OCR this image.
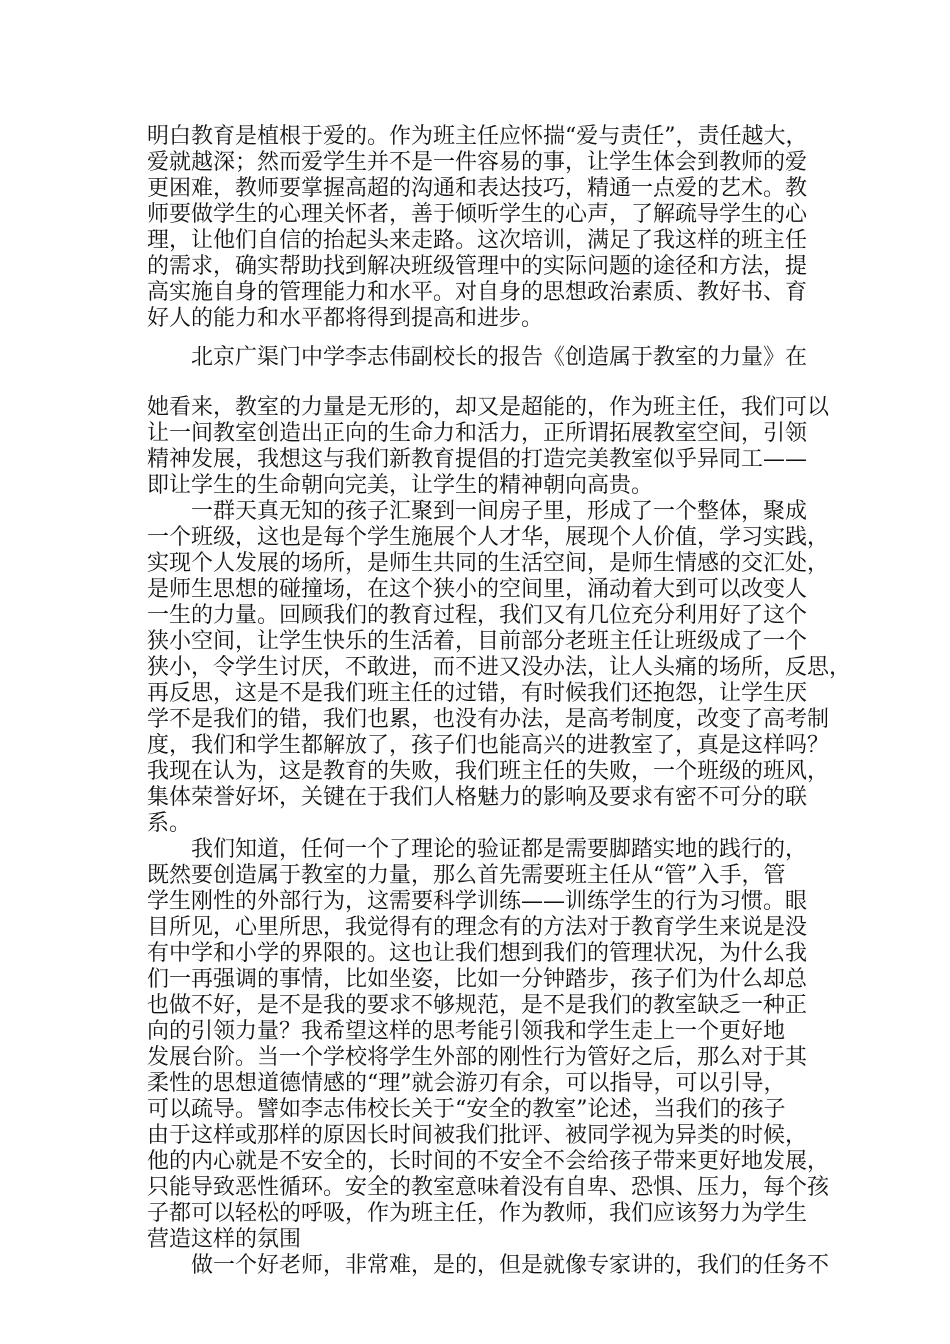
明白教育是植根于爱的。作为班主任应怀揣“爱与责任”，责任越大，
爱就越深；然而爱学生并不是一件容易的事，让学生体会到教师的爱
更困难，教师要掌握高超的沟通和表达技巧，精通一点爱的艺术。教
师要做学生的心理关怀者，善于倾听学生的心声，了解疏导学生的心
理，让他们自信的抬起头来走路。这次培训，满足了我这样的班主任
的需求，确实帮助找到解决班级管理中的实际问题的途径和方法，提
高实施自身的管理能力和水平。对自身的思想政治素质、教好书、育
好人的能力和水平都将得到提高和进步。
北京广渠门中学李志伟副校长的报告《创造属于教室的力量》在
她看来，教室的力量是无形的，却又是超能的，作为班主任，我们可以
让一间教室创造出正向的生命力和活力，正所谓拓展教室空间，引领
精神发展，我想这与我们新教育提倡的打造完美教室似乎异同工——
即让学生的生命朝向完美，让学生的精神朝向高贵。
一群天真无知的孩子汇聚到一间房子里，形成了一个整体，聚成
一个班级，这也是每个学生施展个人才华，展现个人价值，学习实践，
实现个人发展的场所，是师生共同的生活空间，是师生情感的交汇处，
是师生思想的碰撞场，在这个狭小的空间里，涌动着大到可以改变人
一生的力量。回顾我们的教育过程，我们又有几位充分利用好了这个
狭小空间，让学生快乐的生活着，目前部分老班主任让班级成了一个
狭小，令学生讨厌，不敢进，而不进又没办法，让人头痛的场所，反思，
再反思，这是不是我们班主任的过错，有时候我们还抱怨，让学生厌
学不是我们的错，我们也累，也没有办法，是高考制度，改变了高考制
度，我们和学生都解放了，孩子们也能高兴的进教室了，真是这样吗？
我现在认为，这是教育的失败，我们班主任的失败，一个班级的班风，
集体荣誉好坏，关键在于我们人格魅力的影响及要求有密不可分的联
系。
我们知道，任何一个了理论的验证都是需要脚踏实地的践行的，
既然要创造属于教室的力量，那么首先需要班主任从“管”入手，管
学生刚性的外部行为，这需要科学训练——训练学生的行为习惯。眼
目所见，心里所思，我觉得有的理念有的方法对于教育学生来说是没
有中学和小学的界限的。这也让我们想到我们的管理状况，为什么我
们一再强调的事情，比如坐姿，比如一分钟踏步，孩子们为什么却总
也做不好，是不是我的要求不够规范，是不是我们的教室缺乏一种正
向的引领力量？我希望这样的思考能引领我和学生走上一个更好地
发展台阶。当一个学校将学生外部的刚性行为管好之后，那么对于其
柔性的思想道德情感的“理”就会游刃有余，可以指导，可以引导，
可以疏导。譬如李志伟校长关于“安全的教室”论述，当我们的孩子
由于这样或那样的原因长时间被我们批评、被同学视为异类的时候，
他的内心就是不安全的，长时间的不安全不会给孩子带来更好地发展，
只能导致恶性循环。安全的教室意味着没有自卑、恐惧、压力，每个孩
子都可以轻松的呼吸，作为班主任，作为教师，我们应该努力为学生
营造这样的氛围
做一个好老师，非常难，是的，但是就像专家讲的，我们的任务不
